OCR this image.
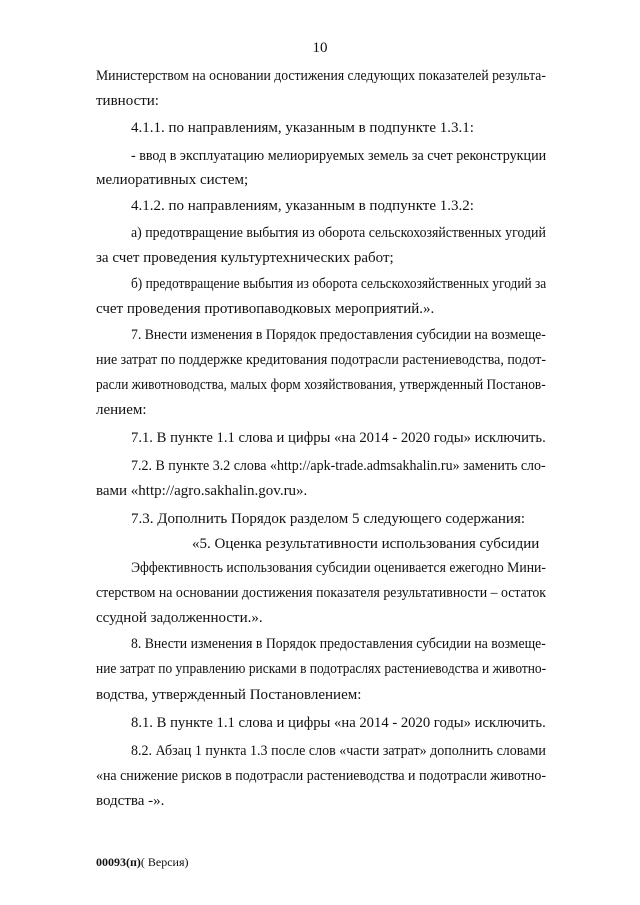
10
Министерством на основании достижения следующих показателей результа-
тивности:
4.1.1. по направлениям, указанным в подпункте 1.3.1:
- ввод в эксплуатацию мелиорируемых земель за счет реконструкции
мелиоративных систем;
4.1.2. по направлениям, указанным в подпункте 1.3.2:
а) предотвращение выбытия из оборота сельскохозяйственных угодий
за счет проведения культуртехнических работ;
б) предотвращение выбытия из оборота сельскохозяйственных угодий за
счет проведения противопаводковых мероприятий.».
7. Внести изменения в Порядок предоставления субсидии на возмеще-
ние затрат по поддержке кредитования подотрасли растениеводства, подот-
расли животноводства, малых форм хозяйствования, утвержденный Постанов-
лением:
7.1. В пункте 1.1 слова и цифры «на 2014 - 2020 годы» исключить.
7.2. В пункте 3.2 слова «http://apk-trade.admsakhalin.ru» заменить сло-
вами «http://agro.sakhalin.gov.ru».
7.3. Дополнить Порядок разделом 5 следующего содержания:
«5. Оценка результативности использования субсидии
Эффективность использования субсидии оценивается ежегодно Мини-
стерством на основании достижения показателя результативности – остаток
ссудной задолженности.».
8. Внести изменения в Порядок предоставления субсидии на возмеще-
ние затрат по управлению рисками в подотраслях растениеводства и животно-
водства, утвержденный Постановлением:
8.1. В пункте 1.1 слова и цифры «на 2014 - 2020 годы» исключить.
8.2. Абзац 1 пункта 1.3 после слов «части затрат» дополнить словами
«на снижение рисков в подотрасли растениеводства и подотрасли животно-
водства -».
00093(п)( Версия)
